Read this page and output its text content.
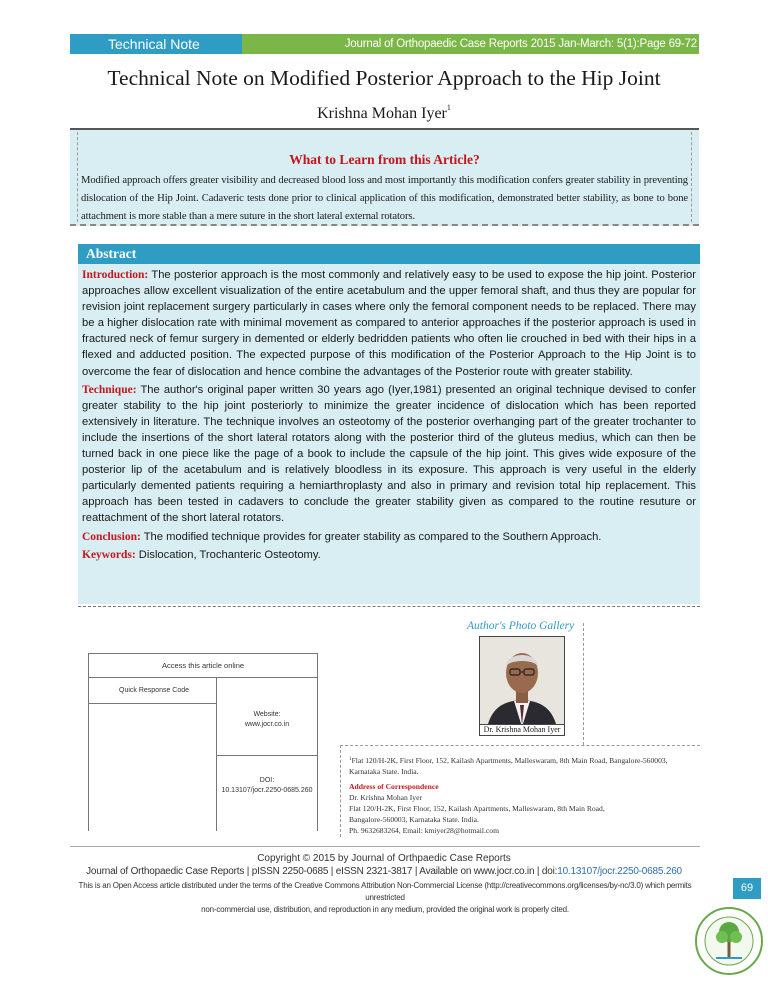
Technical Note	Journal of Orthopaedic Case Reports 2015 Jan-March: 5(1):Page 69-72
Technical Note on Modified Posterior Approach to the Hip Joint
Krishna Mohan Iyer$^1$
What to Learn from this Article?

Modified approach offers greater visibility and decreased blood loss and most importantly this modification confers greater stability in preventing dislocation of the Hip Joint. Cadaveric tests done prior to clinical application of this modification, demonstrated better stability, as bone to bone attachment is more stable than a mere suture in the short lateral external rotators.

Abstract
Introduction: The posterior approach is the most commonly and relatively easy to be used to expose the hip joint. Posterior approaches allow excellent visualization of the entire acetabulum and the upper femoral shaft, and thus they are popular for revision joint replacement surgery particularly in cases where only the femoral component needs to be replaced. There may be a higher dislocation rate with minimal movement as compared to anterior approaches if the posterior approach is used in fractured neck of femur surgery in demented or elderly bedridden patients who often lie crouched in bed with their hips in a flexed and adducted position. The expected purpose of this modification of the Posterior Approach to the Hip Joint is to overcome the fear of dislocation and hence combine the advantages of the Posterior route with greater stability.
Technique: The author's original paper written 30 years ago (Iyer,1981) presented an original technique devised to confer greater stability to the hip joint posteriorly to minimize the greater incidence of dislocation which has been reported extensively in literature. The technique involves an osteotomy of the posterior overhanging part of the greater trochanter to include the insertions of the short lateral rotators along with the posterior third of the gluteus medius, which can then be turned back in one piece like the page of a book to include the capsule of the hip joint. This gives wide exposure of the posterior lip of the acetabulum and is relatively bloodless in its exposure. This approach is very useful in the elderly particularly demented patients requiring a hemiarthroplasty and also in primary and revision total hip replacement. This approach has been tested in cadavers to conclude the greater stability given as compared to the routine resuture or reattachment of the short lateral rotators.
Conclusion: The modified technique provides for greater stability as compared to the Southern Approach.
Keywords: Dislocation, Trochanteric Osteotomy.
Author's Photo Gallery
Dr. Krishna Mohan Iyer
Access this article online
Quick Response Code
Website:
www.jocr.co.in
DOI:
10.13107/jocr.2250-0685.260
$^1$Flat 120/H-2K, First Floor, 152, Kailash Apartments, Malleswaram, 8th Main Road, Bangalore-560003, Karnataka State. India.
Address of Correspondence
Dr. Krishna Mohan Iyer
Flat 120/H-2K, First Floor, 152, Kailash Apartments, Malleswaram, 8th Main Road,
Bangalore-560003, Karnataka State. India.
Ph. 9632683264, Email: kmiyer28@hotmail.com
Copyright © 2015 by Journal of Orthpaedic Case Reports
Journal of Orthopaedic Case Reports | pISSN 2250-0685 | eISSN 2321-3817 | Available on www.jocr.co.in | doi:10.13107/jocr.2250-0685.260
This is an Open Access article distributed under the terms of the Creative Commons Attribution Non-Commercial License (http://creativecommons.org/licenses/by-nc/3.0) which permits unrestricted
non-commercial use, distribution, and reproduction in any medium, provided the original work is properly cited.
69
